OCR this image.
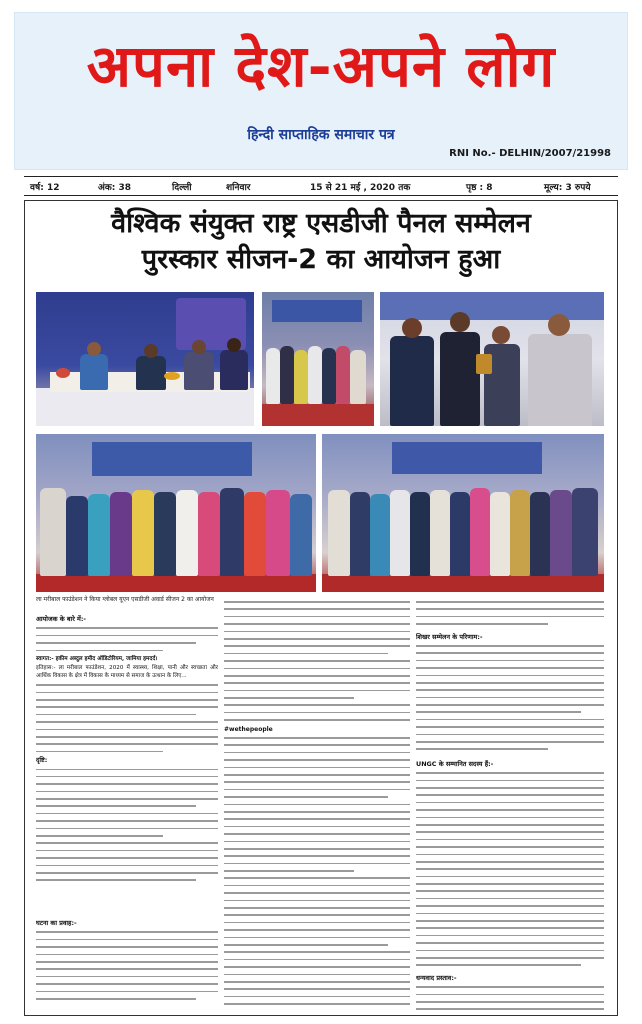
अपना देश-अपने लोग
हिन्दी साप्ताहिक समाचार पत्र
RNI No.- DELHIN/2007/21998
वर्ष: 12	अंक: 38	दिल्ली	शनिवार	15 से 21 मई , 2020 तक	पृष्ठ : 8	मूल्य: 3 रुपये
वैश्विक संयुक्त राष्ट्र एसडीजी पैनल सम्मेलन
पुरस्कार सीजन-2 का आयोजन हुआ
ला मरीबाल फाउंडेशन ने किया ग्लोबल यूएन एसडीजी अवार्ड सीजन 2 का आयोजन
आयोजक के बारे में:-
स्वागत:- हकीम अब्दुल हमीद ऑडिटोरियम, जामिया हमदर्द।
इतिहास:- ला मरीबाल फाउंडेशन, 2020 में स्वास्थ्य, शिक्षा, पानी और स्वच्छता और आर्थिक विकास के क्षेत्र में विकास के माध्यम से समाज के उत्थान के लिए...
दृष्टि:
घटना का प्रवाह:-
#wethepeople
शिखर सम्मेलन के परिणाम:-
UNGC के सम्मानित सदस्य हैं:-
धन्यवाद प्रस्ताव:-
